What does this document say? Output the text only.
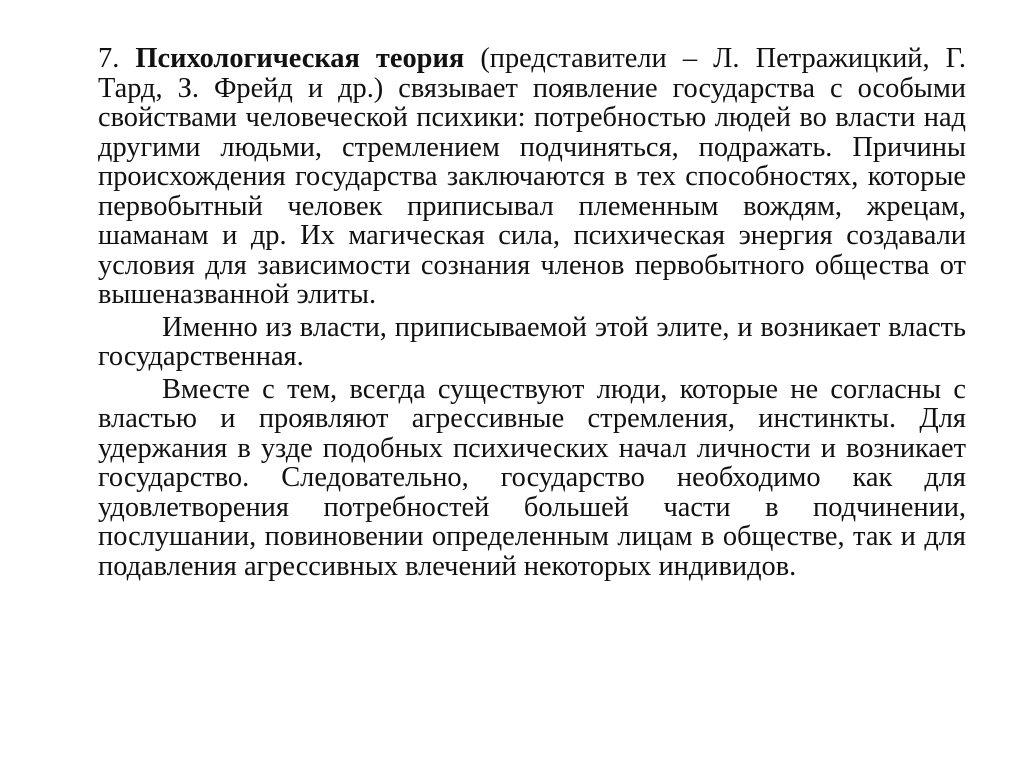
7. Психологическая теория (представители – Л. Петражицкий, Г. Тард, З. Фрейд и др.) связывает появление государства с особыми свойствами человеческой психики: потребностью людей во власти над другими людьми, стремлением подчиняться, подражать. Причины происхождения государства заключаются в тех способностях, которые первобытный человек приписывал племенным вождям, жрецам, шаманам и др. Их магическая сила, психическая энергия создавали условия для зависимости сознания членов первобытного общества от вышеназванной элиты.

Именно из власти, приписываемой этой элите, и возникает власть государственная.

Вместе с тем, всегда существуют люди, которые не согласны с властью и проявляют агрессивные стремления, инстинкты. Для удержания в узде подобных психических начал личности и возникает государство. Следовательно, государство необходимо как для удовлетворения потребностей большей части в подчинении, послушании, повиновении определенным лицам в обществе, так и для подавления агрессивных влечений некоторых индивидов.
